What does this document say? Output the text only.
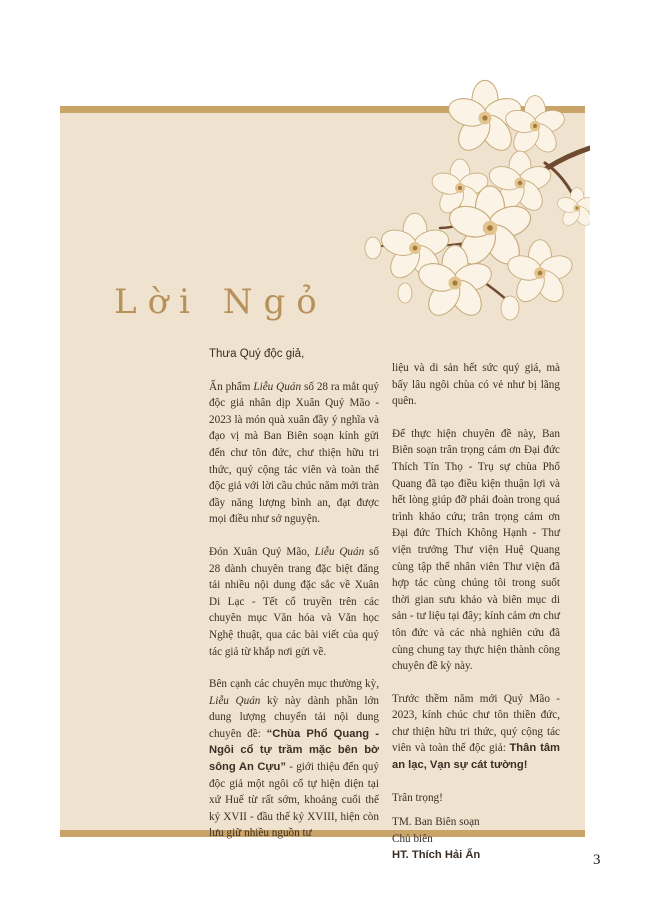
Lời Ngỏ

Thưa Quý độc giả,

Ấn phẩm Liễu Quán số 28 ra mắt quý độc giả nhân dịp Xuân Quý Mão - 2023 là món quà xuân đầy ý nghĩa và đạo vị mà Ban Biên soạn kính gửi đến chư tôn đức, chư thiện hữu tri thức, quý cộng tác viên và toàn thể độc giả với lời cầu chúc năm mới tràn đầy năng lượng bình an, đạt được mọi điều như sở nguyện.

Đón Xuân Quý Mão, Liễu Quán số 28 dành chuyên trang đặc biệt đăng tải nhiều nội dung đặc sắc về Xuân Di Lạc - Tết cổ truyền trên các chuyên mục Văn hóa và Văn học Nghệ thuật, qua các bài viết của quý tác giả từ khắp nơi gửi về.

Bên cạnh các chuyên mục thường kỳ, Liễu Quán kỳ này dành phần lớn dung lượng chuyển tải nội dung chuyên đề: “Chùa Phổ Quang - Ngôi cổ tự trầm mặc bên bờ sông An Cựu” - giới thiệu đến quý độc giả một ngôi cổ tự hiện diện tại xứ Huế từ rất sớm, khoảng cuối thế kỷ XVII - đầu thế kỷ XVIII, hiện còn lưu giữ nhiều nguồn tư

liệu và di sản hết sức quý giá, mà bấy lâu ngôi chùa có vẻ như bị lãng quên.

Để thực hiện chuyên đề này, Ban Biên soạn trân trọng cảm ơn Đại đức Thích Tín Thọ - Trụ sự chùa Phổ Quang đã tạo điều kiện thuận lợi và hết lòng giúp đỡ phái đoàn trong quá trình khảo cứu; trân trọng cảm ơn Đại đức Thích Không Hạnh - Thư viện trưởng Thư viện Huệ Quang cùng tập thể nhân viên Thư viện đã hợp tác cùng chúng tôi trong suốt thời gian sưu khảo và biên mục di sản - tư liệu tại đây; kính cảm ơn chư tôn đức và các nhà nghiên cứu đã cùng chung tay thực hiện thành công chuyên đề kỳ này.

Trước thềm năm mới Quý Mão - 2023, kính chúc chư tôn thiền đức, chư thiện hữu tri thức, quý cộng tác viên và toàn thể độc giả: Thân tâm an lạc, Vạn sự cát tường!

Trân trọng!

TM. Ban Biên soạn

Chủ biên

HT. Thích Hải Ấn	3
